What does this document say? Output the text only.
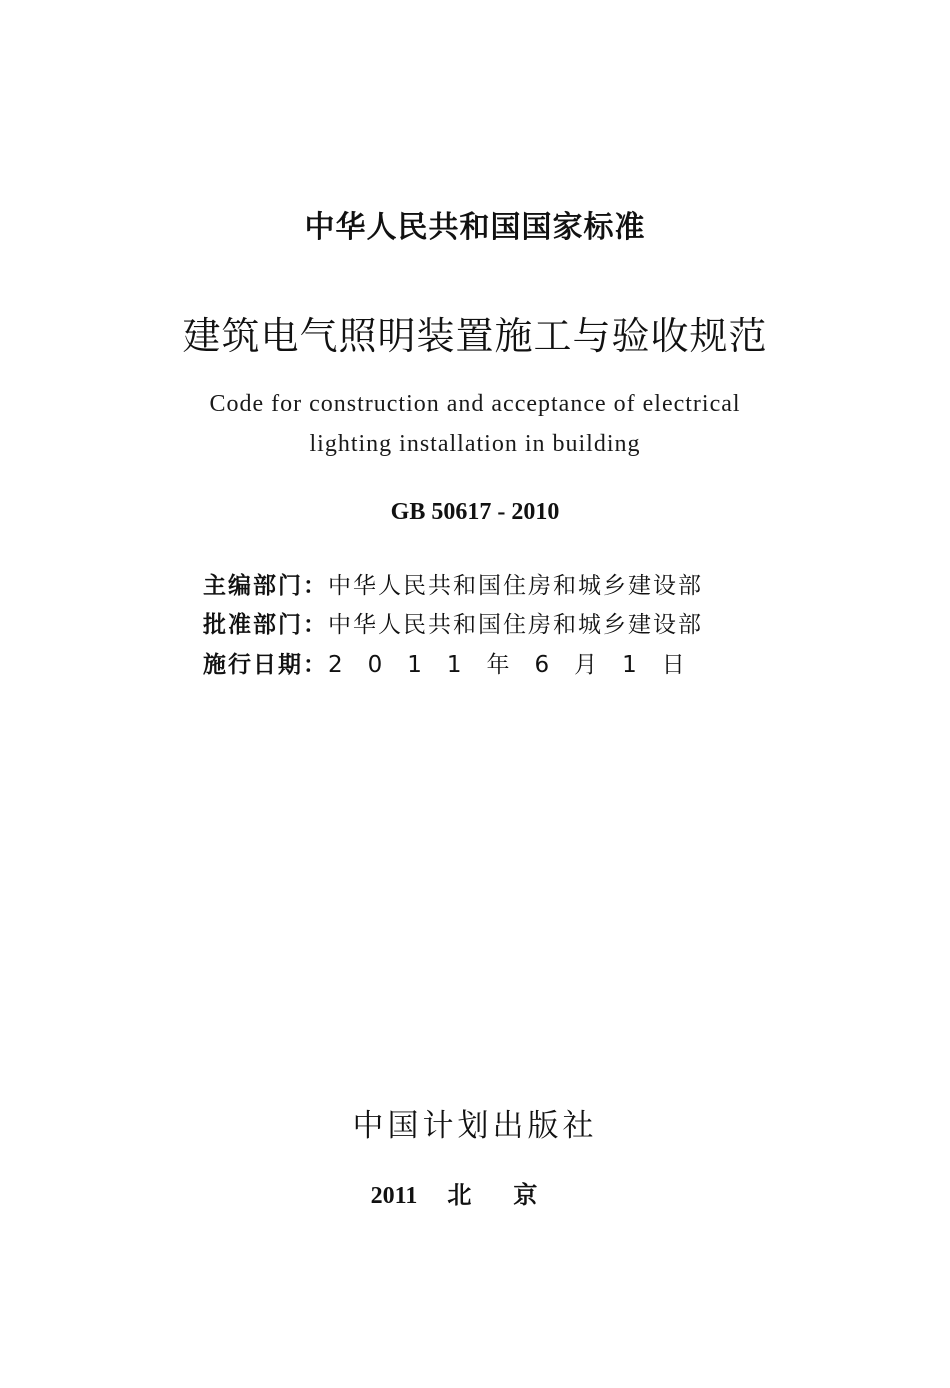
中华人民共和国国家标准
建筑电气照明装置施工与验收规范
Code for construction and acceptance of electrical
lighting installation in building
GB 50617 - 2010
主编部门：中华人民共和国住房和城乡建设部
批准部门：中华人民共和国住房和城乡建设部
施行日期：2011年6月1日
中国计划出版社
2011 北京
